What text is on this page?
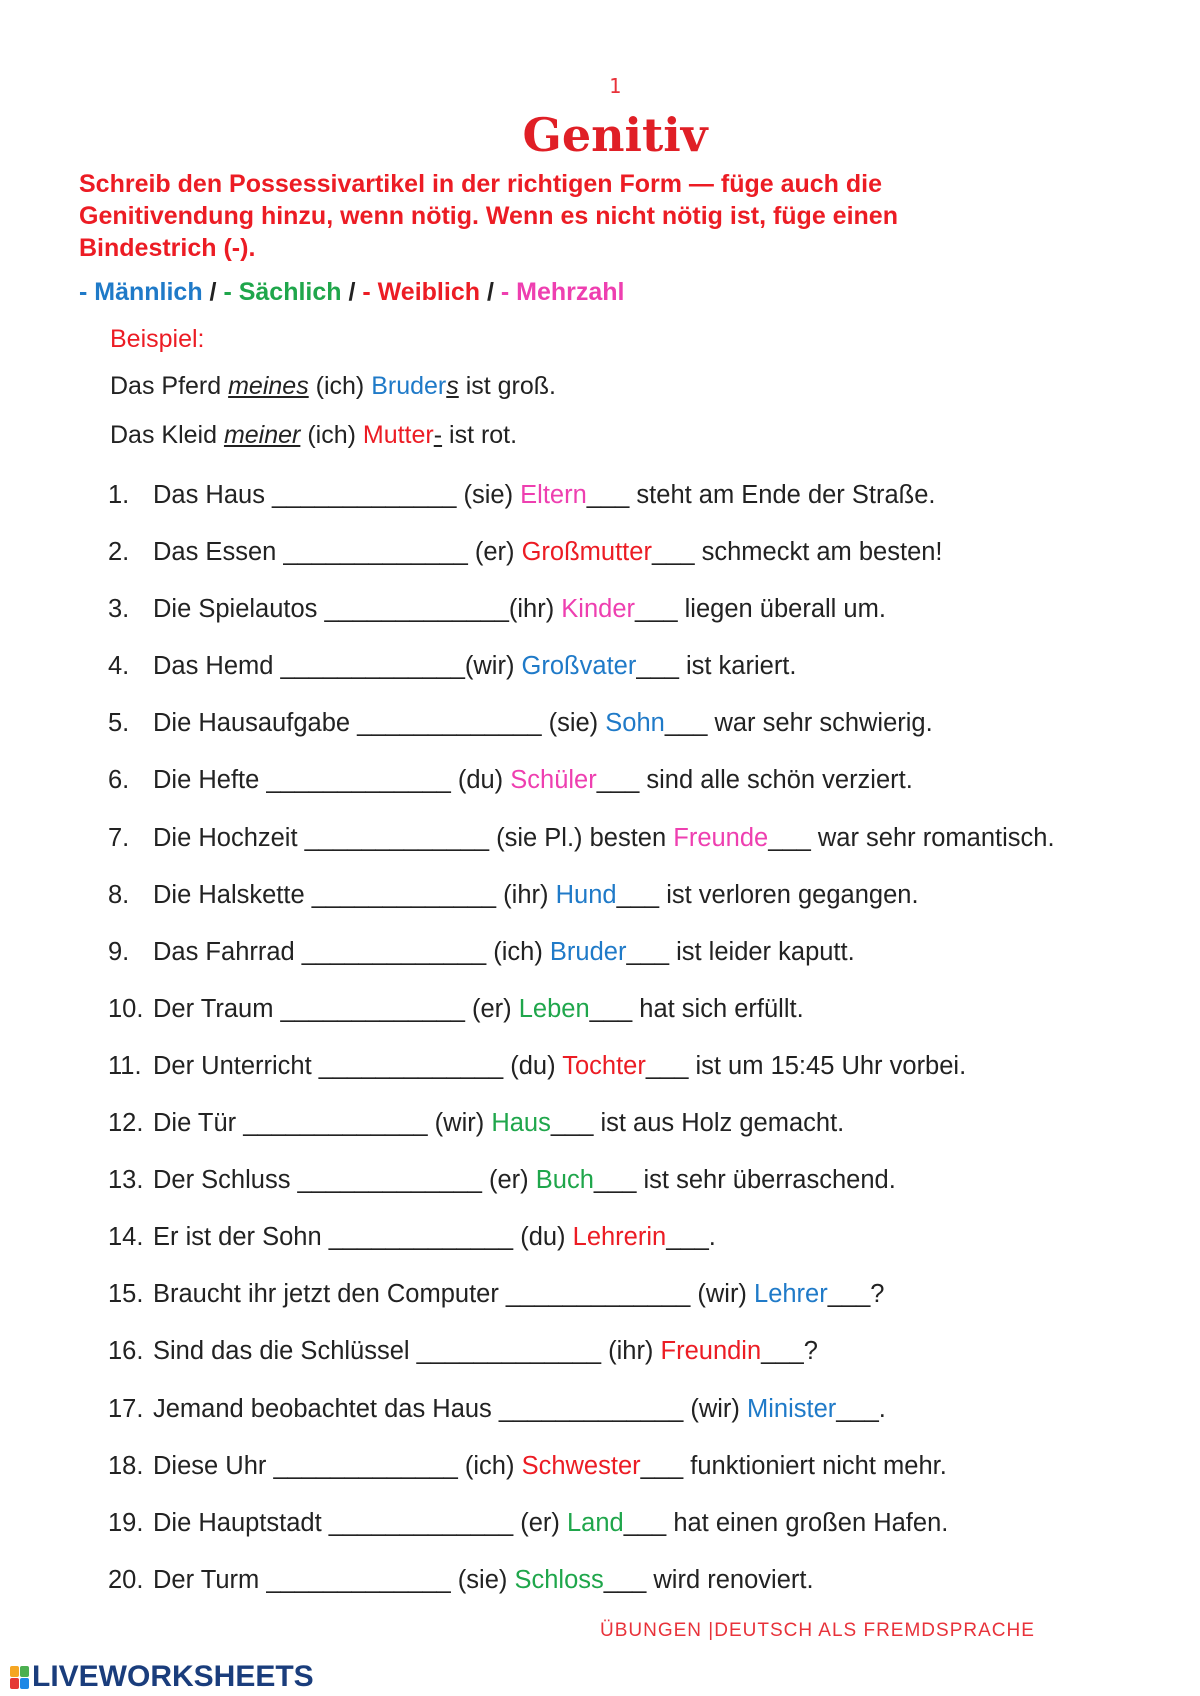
1
Genitiv

Schreib den Possessivartikel in der richtigen Form — füge auch die Genitivendung hinzu, wenn nötig. Wenn es nicht nötig ist, füge einen Bindestrich (-).

- Männlich / - Sächlich / - Weiblich / - Mehrzahl
Beispiel:
Das Pferd meines (ich) Bruders ist groß.
Das Kleid meiner (ich) Mutter- ist rot.
1. Das Haus _____________ (sie) Eltern___ steht am Ende der Straße.
2. Das Essen _____________ (er) Großmutter___ schmeckt am besten!
3. Die Spielautos _____________(ihr) Kinder___ liegen überall um.
4. Das Hemd _____________(wir) Großvater___ ist kariert.
5. Die Hausaufgabe _____________ (sie) Sohn___ war sehr schwierig.
6. Die Hefte _____________ (du) Schüler___ sind alle schön verziert.
7. Die Hochzeit _____________ (sie Pl.) besten Freunde___ war sehr romantisch.
8. Die Halskette _____________ (ihr) Hund___ ist verloren gegangen.
9. Das Fahrrad _____________ (ich) Bruder___ ist leider kaputt.
10. Der Traum _____________ (er) Leben___ hat sich erfüllt.
11. Der Unterricht _____________ (du) Tochter___ ist um 15:45 Uhr vorbei.
12. Die Tür _____________ (wir) Haus___ ist aus Holz gemacht.
13. Der Schluss _____________ (er) Buch___ ist sehr überraschend.
14. Er ist der Sohn _____________ (du) Lehrerin___.
15. Braucht ihr jetzt den Computer _____________ (wir) Lehrer___?
16. Sind das die Schlüssel _____________ (ihr) Freundin___?
17. Jemand beobachtet das Haus _____________ (wir) Minister___.
18. Diese Uhr _____________ (ich) Schwester___ funktioniert nicht mehr.
19. Die Hauptstadt _____________ (er) Land___ hat einen großen Hafen.
20. Der Turm _____________ (sie) Schloss___ wird renoviert.
ÜBUNGEN |DEUTSCH ALS FREMDSPRACHE
LIVEWORKSHEETS
